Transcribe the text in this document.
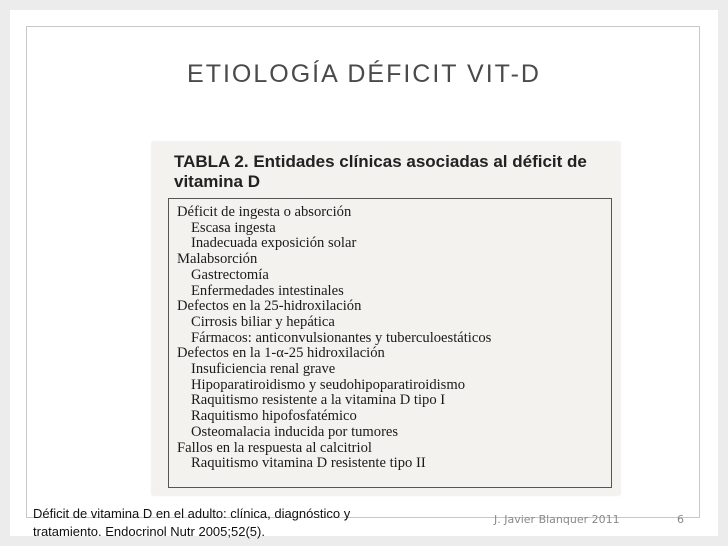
ETIOLOGÍA DÉFICIT VIT-D
TABLA 2. Entidades clínicas asociadas al déficit de vitamina D
Déficit de ingesta o absorción
Escasa ingesta
Inadecuada exposición solar
Malabsorción
Gastrectomía
Enfermedades intestinales
Defectos en la 25-hidroxilación
Cirrosis biliar y hepática
Fármacos: anticonvulsionantes y tuberculoestáticos
Defectos en la 1-α-25 hidroxilación
Insuficiencia renal grave
Hipoparatiroidismo y seudohipoparatiroidismo
Raquitismo resistente a la vitamina D tipo I
Raquitismo hipofosfatémico
Osteomalacia inducida por tumores
Fallos en la respuesta al calcitriol
Raquitismo vitamina D resistente tipo II
Déficit de vitamina D en el adulto: clínica, diagnóstico y
tratamiento. Endocrinol Nutr 2005;52(5).
J. Javier Blanquer 2011	6
